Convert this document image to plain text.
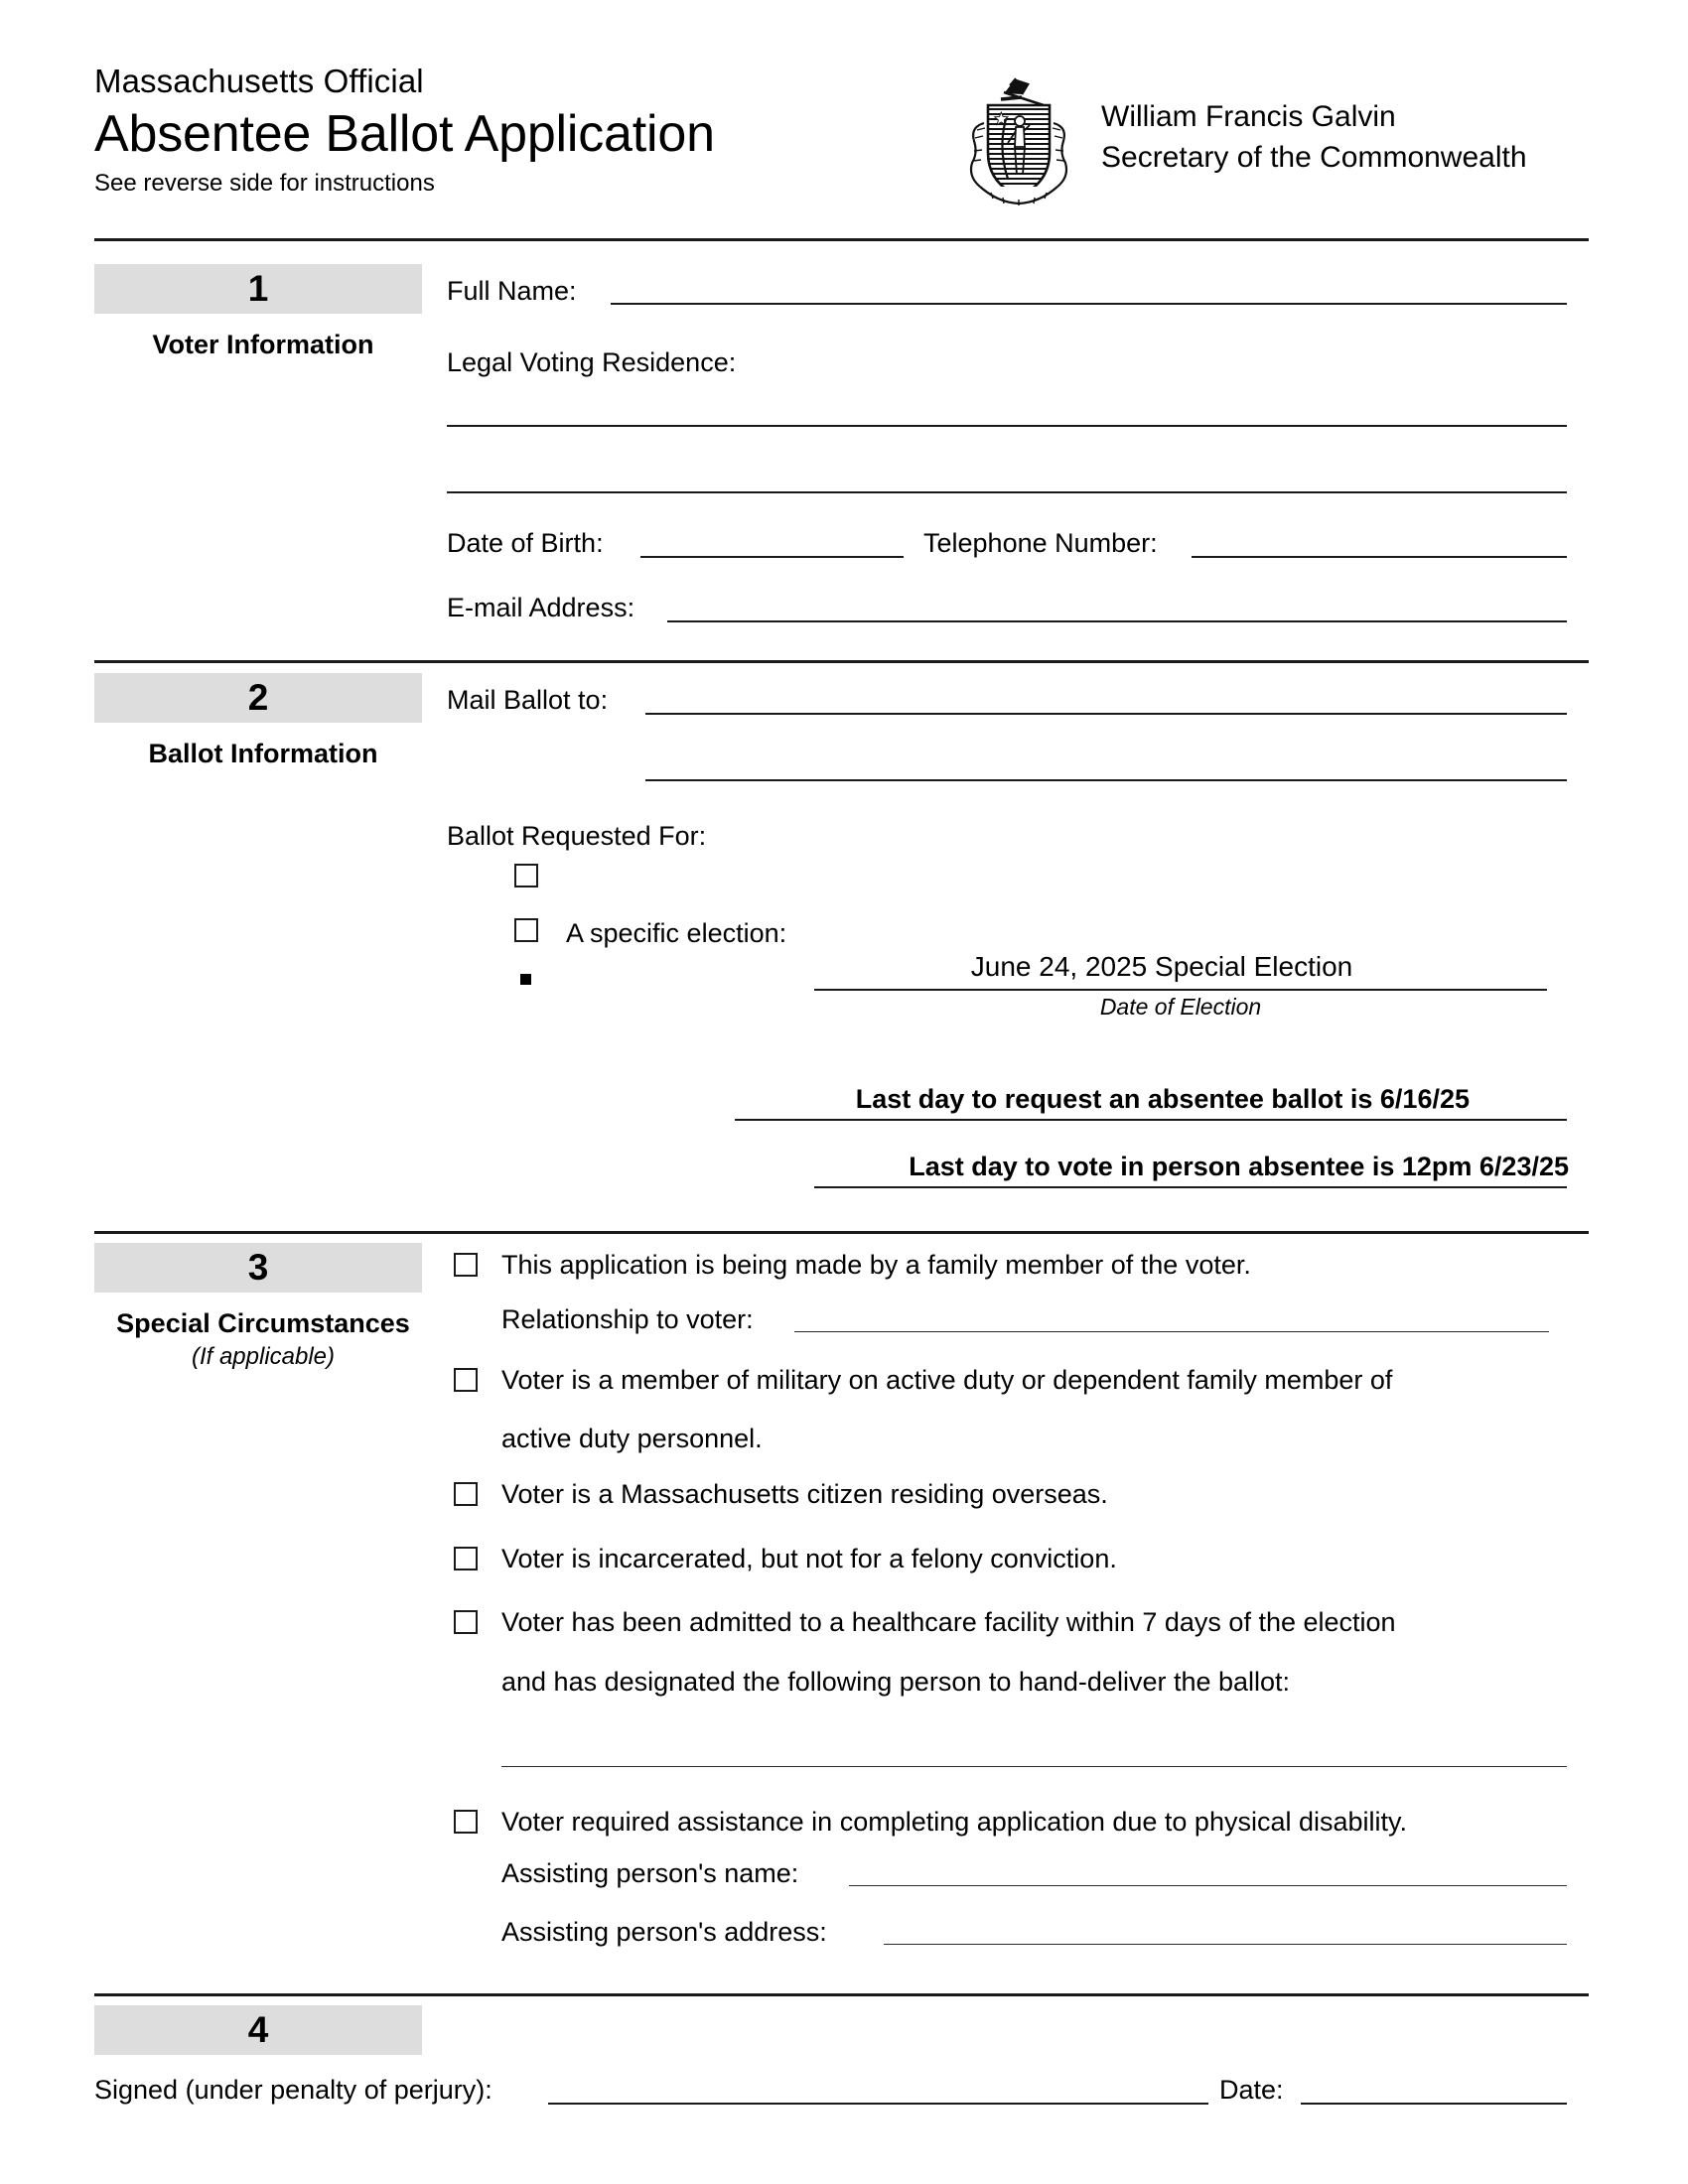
Massachusetts Official
Absentee Ballot Application
See reverse side for instructions
William Francis Galvin
Secretary of the Commonwealth
1
Voter Information
Full Name:
Legal Voting Residence:
Date of Birth:	Telephone Number:
E-mail Address:
2
Ballot Information
Mail Ballot to:
Ballot Requested For:
A specific election:
June 24, 2025 Special Election
Date of Election
Last day to request an absentee ballot is 6/16/25
Last day to vote in person absentee is 12pm 6/23/25
3
Special Circumstances
(If applicable)
This application is being made by a family member of the voter.
Relationship to voter:
Voter is a member of military on active duty or dependent family member of
active duty personnel.
Voter is a Massachusetts citizen residing overseas.
Voter is incarcerated, but not for a felony conviction.
Voter has been admitted to a healthcare facility within 7 days of the election
and has designated the following person to hand-deliver the ballot:
Voter required assistance in completing application due to physical disability.
Assisting person's name:
Assisting person's address:
4
Signed (under penalty of perjury):	Date:
